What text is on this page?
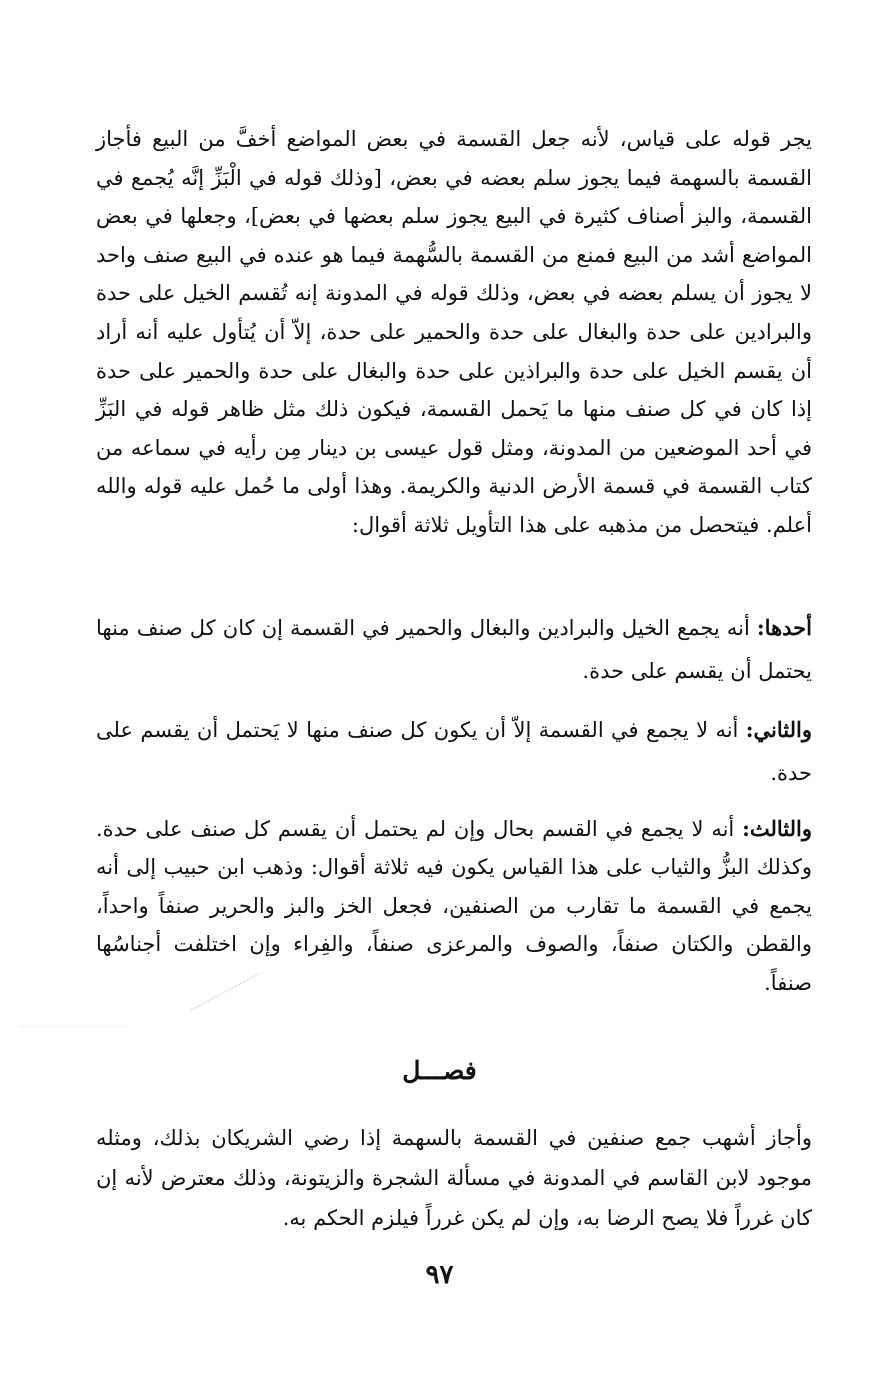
يجر قوله على قياس، لأنه جعل القسمة في بعض المواضع أخفَّ من البيع فأجاز القسمة بالسهمة فيما يجوز سلم بعضه في بعض، [وذلك قوله في الْبَزِّ إنَّه يُجمع في القسمة، والبز أصناف كثيرة في البيع يجوز سلم بعضها في بعض]، وجعلها في بعض المواضع أشد من البيع فمنع من القسمة بالسُّهمة فيما هو عنده في البيع صنف واحد لا يجوز أن يسلم بعضه في بعض، وذلك قوله في المدونة إنه تُقسم الخيل على حدة والبرادين على حدة والبغال على حدة والحمير على حدة، إلاّ أن يُتأول عليه أنه أراد أن يقسم الخيل على حدة والبراذين على حدة والبغال على حدة والحمير على حدة إذا كان في كل صنف منها ما يَحمل القسمة، فيكون ذلك مثل ظاهر قوله في البَزِّ في أحد الموضعين من المدونة، ومثل قول عيسى بن دينار مِن رأيه في سماعه من كتاب القسمة في قسمة الأرض الدنية والكريمة. وهذا أولى ما حُمل عليه قوله والله أعلم. فيتحصل من مذهبه على هذا التأويل ثلاثة أقوال:

أحدها: أنه يجمع الخيل والبرادين والبغال والحمير في القسمة إن كان كل صنف منها يحتمل أن يقسم على حدة.

والثاني: أنه لا يجمع في القسمة إلاّ أن يكون كل صنف منها لا يَحتمل أن يقسم على حدة.

والثالث: أنه لا يجمع في القسم بحال وإن لم يحتمل أن يقسم كل صنف على حدة. وكذلك البزُّ والثياب على هذا القياس يكون فيه ثلاثة أقوال: وذهب ابن حبيب إلى أنه يجمع في القسمة ما تقارب من الصنفين، فجعل الخز والبز والحرير صنفاً واحداً، والقطن والكتان صنفاً، والصوف والمرعزى صنفاً، والفِراء وإن اختلفت أجناسُها صنفاً.

فصـــل

وأجاز أشهب جمع صنفين في القسمة بالسهمة إذا رضي الشريكان بذلك، ومثله موجود لابن القاسم في المدونة في مسألة الشجرة والزيتونة، وذلك معترض لأنه إن كان غرراً فلا يصح الرضا به، وإن لم يكن غرراً فيلزم الحكم به.

٩٧
